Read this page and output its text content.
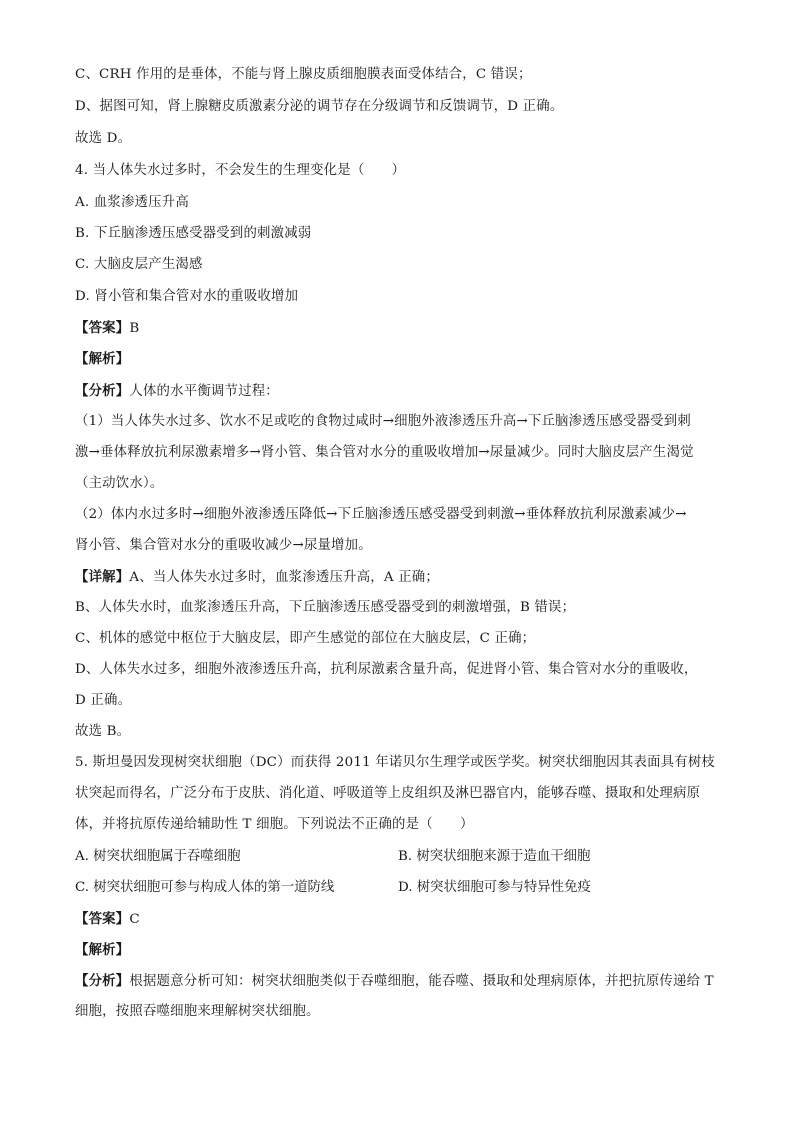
C、CRH 作用的是垂体，不能与肾上腺皮质细胞膜表面受体结合，C 错误；
D、据图可知，肾上腺糖皮质激素分泌的调节存在分级调节和反馈调节，D 正确。
故选 D。
4. 当人体失水过多时，不会发生的生理变化是（　　）
A. 血浆渗透压升高
B. 下丘脑渗透压感受器受到的刺激减弱
C. 大脑皮层产生渴感
D. 肾小管和集合管对水的重吸收增加
【答案】B
【解析】
【分析】人体的水平衡调节过程：
（1）当人体失水过多、饮水不足或吃的食物过咸时→细胞外液渗透压升高→下丘脑渗透压感受器受到刺
激→垂体释放抗利尿激素增多→肾小管、集合管对水分的重吸收增加→尿量减少。同时大脑皮层产生渴觉
（主动饮水）。
（2）体内水过多时→细胞外液渗透压降低→下丘脑渗透压感受器受到刺激→垂体释放抗利尿激素减少→
肾小管、集合管对水分的重吸收减少→尿量增加。
【详解】A、当人体失水过多时，血浆渗透压升高，A 正确；
B、人体失水时，血浆渗透压升高，下丘脑渗透压感受器受到的刺激增强，B 错误；
C、机体的感觉中枢位于大脑皮层，即产生感觉的部位在大脑皮层，C 正确；
D、人体失水过多，细胞外液渗透压升高，抗利尿激素含量升高，促进肾小管、集合管对水分的重吸收，
D 正确。
故选 B。
5. 斯坦曼因发现树突状细胞（DC）而获得 2011 年诺贝尔生理学或医学奖。树突状细胞因其表面具有树枝
状突起而得名，广泛分布于皮肤、消化道、呼吸道等上皮组织及淋巴器官内，能够吞噬、摄取和处理病原
体，并将抗原传递给辅助性 T 细胞。下列说法不正确的是（　　）
A. 树突状细胞属于吞噬细胞	B. 树突状细胞来源于造血干细胞
C. 树突状细胞可参与构成人体的第一道防线	D. 树突状细胞可参与特异性免疫
【答案】C
【解析】
【分析】根据题意分析可知：树突状细胞类似于吞噬细胞，能吞噬、摄取和处理病原体，并把抗原传递给 T
细胞，按照吞噬细胞来理解树突状细胞。
